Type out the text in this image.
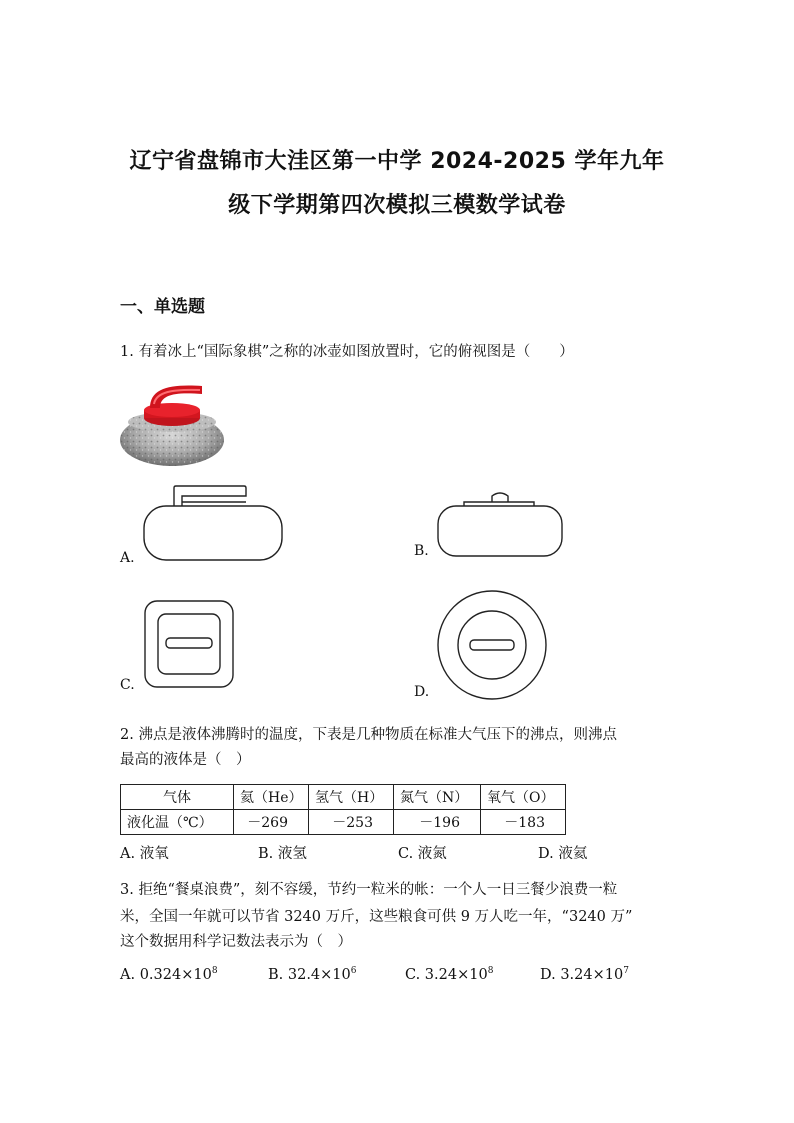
辽宁省盘锦市大洼区第一中学 2024-2025 学年九年
级下学期第四次模拟三模数学试卷
一、单选题
1. 有着冰上“国际象棋”之称的冰壶如图放置时，它的俯视图是（　　）
A.	B.
C.	D.
2. 沸点是液体沸腾时的温度，下表是几种物质在标准大气压下的沸点，则沸点
最高的液体是（　）
气体	氦（He）	氢气（H）	氮气（N）	氧气（O）
液化温（℃）	－269	－253	－196	－183
A. 液氧	B. 液氢	C. 液氮	D. 液氦
3. 拒绝“餐桌浪费”，刻不容缓，节约一粒米的帐：一个人一日三餐少浪费一粒
米，全国一年就可以节省 3240 万斤，这些粮食可供 9 万人吃一年，“3240 万”
这个数据用科学记数法表示为（　）
A. $0.324\times 10^8$	B. $32.4\times 10^6$	C. $3.24\times 10^8$	D. $3.24\times 10^7$
